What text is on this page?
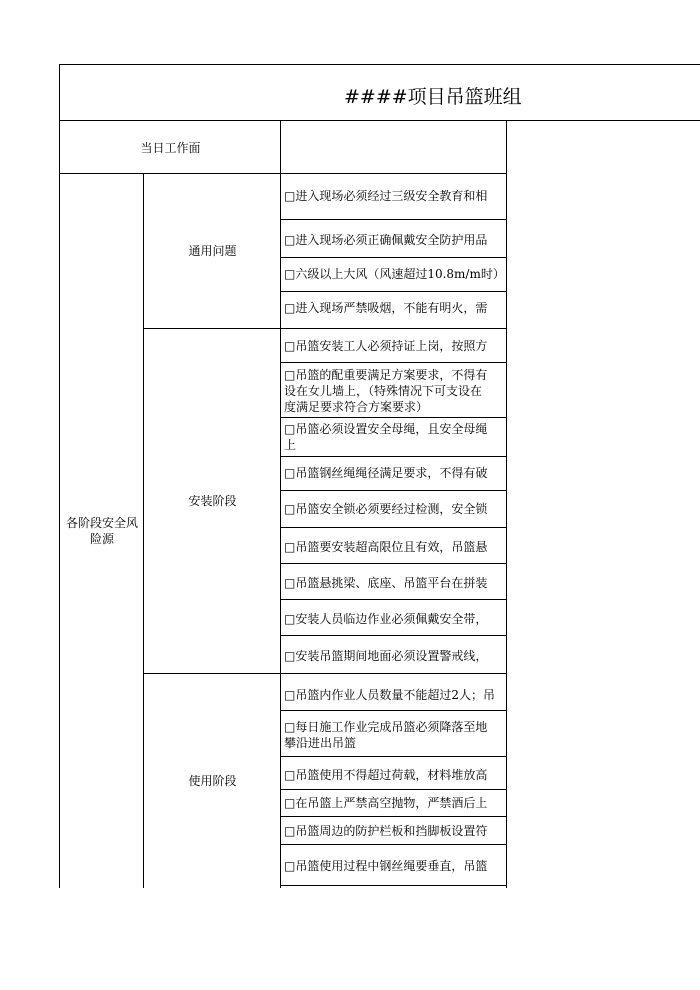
####项目吊篮班组
当日工作面
各阶段安全风险源
通用问题
安装阶段
使用阶段
□进入现场必须经过三级安全教育和相
□进入现场必须正确佩戴安全防护用品
□六级以上大风（风速超过10.8m/m时）
□进入现场严禁吸烟，不能有明火，需
□吊篮安装工人必须持证上岗，按照方
□吊篮的配重要满足方案要求，不得有
设在女儿墙上，（特殊情况下可支设在
度满足要求符合方案要求）
□吊篮必须设置安全母绳，且安全母绳
上
□吊篮钢丝绳绳径满足要求，不得有破
□吊篮安全锁必须要经过检测，安全锁
□吊篮要安装超高限位且有效，吊篮悬
□吊篮悬挑梁、底座、吊篮平台在拼装
□安装人员临边作业必须佩戴安全带，
□安装吊篮期间地面必须设置警戒线，
□吊篮内作业人员数量不能超过2人；吊
□每日施工作业完成吊篮必须降落至地
攀沿进出吊篮
□吊篮使用不得超过荷载，材料堆放高
□在吊篮上严禁高空抛物，严禁酒后上
□吊篮周边的防护栏板和挡脚板设置符
□吊篮使用过程中钢丝绳要垂直，吊篮
